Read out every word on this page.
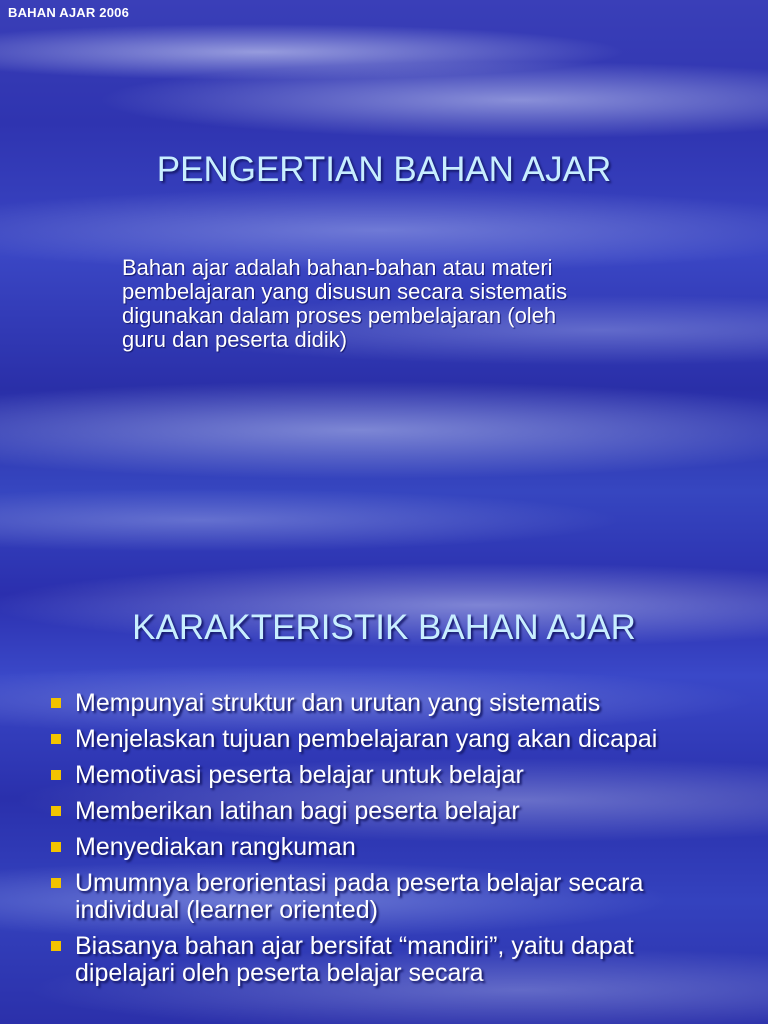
BAHAN AJAR 2006
PENGERTIAN BAHAN AJAR
Bahan ajar adalah bahan-bahan atau materi
pembelajaran yang disusun secara sistematis
digunakan dalam proses pembelajaran (oleh
guru dan peserta didik)
KARAKTERISTIK BAHAN AJAR
Mempunyai struktur dan urutan yang sistematis
Menjelaskan tujuan pembelajaran yang akan dicapai
Memotivasi peserta belajar untuk belajar
Memberikan latihan bagi peserta belajar
Menyediakan rangkuman
Umumnya berorientasi pada peserta belajar secara individual (learner oriented)
Biasanya bahan ajar bersifat “mandiri”, yaitu dapat dipelajari oleh peserta belajar secara
